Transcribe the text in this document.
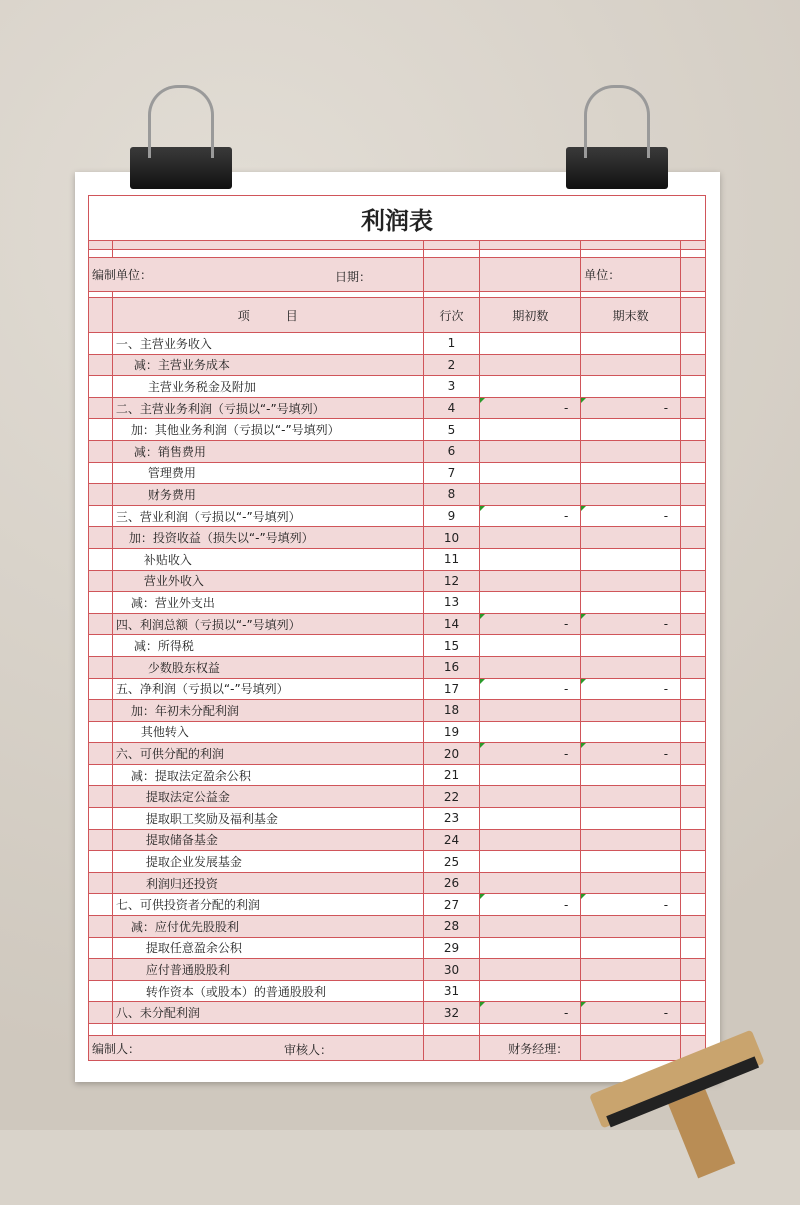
利润表					

编制单位： 日期：				单位：	

	项　　　目	行次	期初数	期末数	
	一、主营业务收入	1			
	减：主营业务成本	2			
	主营业务税金及附加	3			
	二、主营业务利润（亏损以“-”号填列）	4	-	-	
	加：其他业务利润（亏损以“-”号填列）	5			
	减：销售费用	6			
	管理费用	7			
	财务费用	8			
	三、营业利润（亏损以“-”号填列）	9	-	-	
	加：投资收益（损失以“-”号填列）	10			
	补贴收入	11			
	营业外收入	12			
	减：营业外支出	13			
	四、利润总额（亏损以“-”号填列）	14	-	-	
	减：所得税	15			
	少数股东权益	16			
	五、净利润（亏损以“-”号填列）	17	-	-	
	加：年初未分配利润	18			
	其他转入	19			
	六、可供分配的利润	20	-	-	
	减：提取法定盈余公积	21			
	提取法定公益金	22			
	提取职工奖励及福利基金	23			
	提取储备基金	24			
	提取企业发展基金	25			
	利润归还投资	26			
	七、可供投资者分配的利润	27	-	-	
	减：应付优先股股利	28			
	提取任意盈余公积	29			
	应付普通股股利	30			
	转作资本（或股本）的普通股股利	31			
	八、未分配利润	32	-	-	

编制人： 审核人：			财务经理：		
